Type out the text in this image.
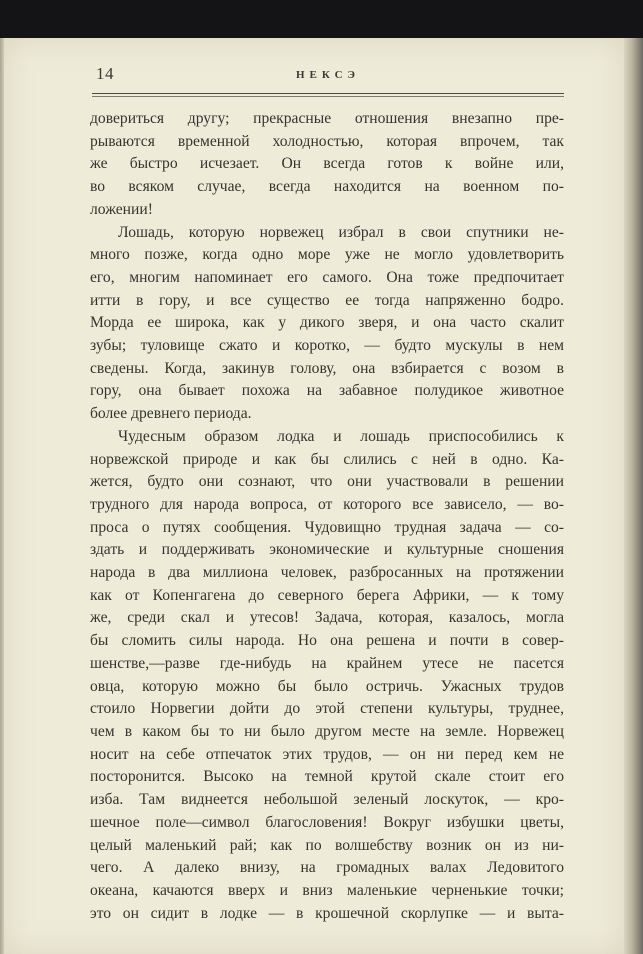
14	НЕКСЭ
довериться другу; прекрасные отношения внезапно пре-
рываются временной холодностью, которая впрочем, так
же быстро исчезает. Он всегда готов к войне или,
во всяком случае, всегда находится на военном по-
ложении!
Лошадь, которую норвежец избрал в свои спутники не-
много позже, когда одно море уже не могло удовлетворить
его, многим напоминает его самого. Она тоже предпочитает
итти в гору, и все существо ее тогда напряженно бодро.
Морда ее широка, как у дикого зверя, и она часто скалит
зубы; туловище сжато и коротко, — будто мускулы в нем
сведены. Когда, закинув голову, она взбирается с возом в
гору, она бывает похожа на забавное полудикое животное
более древнего периода.
Чудесным образом лодка и лошадь приспособились к
норвежской природе и как бы слились с ней в одно. Ка-
жется, будто они сознают, что они участвовали в решении
трудного для народа вопроса, от которого все зависело, — во-
проса о путях сообщения. Чудовищно трудная задача — со-
здать и поддерживать экономические и культурные сношения
народа в два миллиона человек, разбросанных на протяжении
как от Копенгагена до северного берега Африки, — к тому
же, среди скал и утесов! Задача, которая, казалось, могла
бы сломить силы народа. Но она решена и почти в совер-
шенстве,—разве где-нибудь на крайнем утесе не пасется
овца, которую можно бы было остричь. Ужасных трудов
стоило Норвегии дойти до этой степени культуры, труднее,
чем в каком бы то ни было другом месте на земле. Норвежец
носит на себе отпечаток этих трудов, — он ни перед кем не
посторонится. Высоко на темной крутой скале стоит его
изба. Там виднеется небольшой зеленый лоскуток, — кро-
шечное поле—символ благословения! Вокруг избушки цветы,
целый маленький рай; как по волшебству возник он из ни-
чего. А далеко внизу, на громадных валах Ледовитого
океана, качаются вверх и вниз маленькие черненькие точки;
это он сидит в лодке — в крошечной скорлупке — и выта-
